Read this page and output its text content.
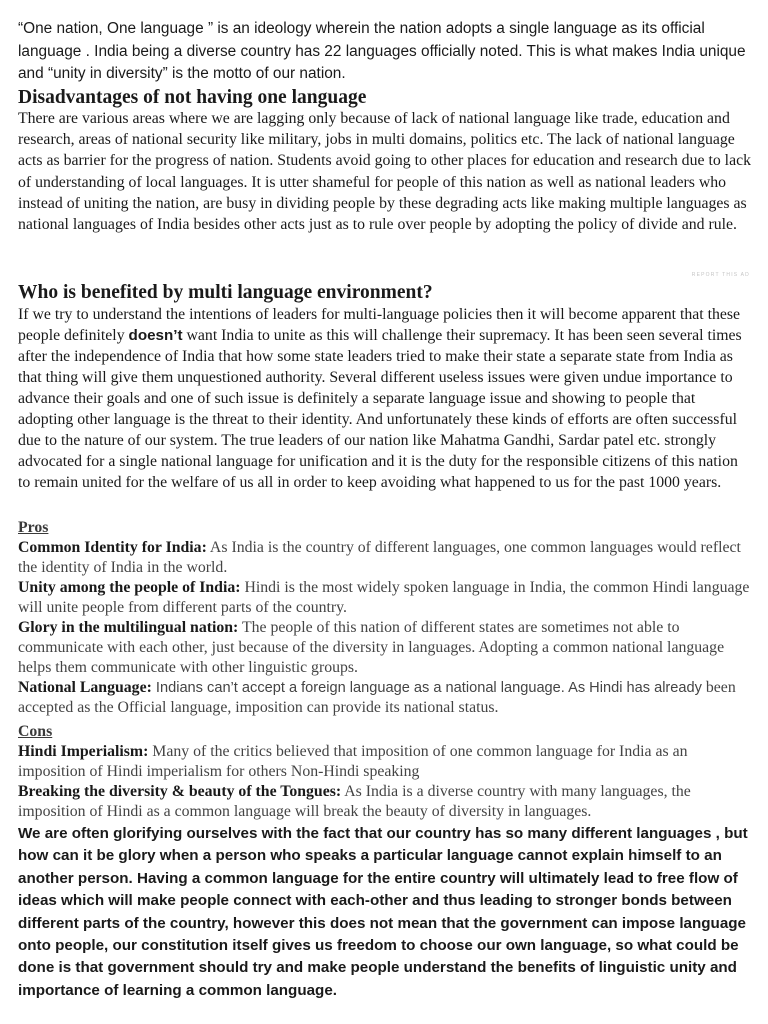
“One nation, One language ” is an ideology wherein the nation adopts a single language as its official language . India being a diverse country has 22 languages officially noted. This is what makes India unique and “unity in diversity” is the motto of our nation.

Disadvantages of not having one language

There are various areas where we are lagging only because of lack of national language like trade, education and research, areas of national security like military, jobs in multi domains, politics etc. The lack of national language acts as barrier for the progress of nation. Students avoid going to other places for education and research due to lack of understanding of local languages. It is utter shameful for people of this nation as well as national leaders who instead of uniting the nation, are busy in dividing people by these degrading acts like making multiple languages as national languages of India besides other acts just as to rule over people by adopting the policy of divide and rule.

REPORT THIS AD
Who is benefited by multi language environment?

If we try to understand the intentions of leaders for multi-language policies then it will become apparent that these people definitely doesn’t want India to unite as this will challenge their supremacy. It has been seen several times after the independence of India that how some state leaders tried to make their state a separate state from India as that thing will give them unquestioned authority. Several different useless issues were given undue importance to advance their goals and one of such issue is definitely a separate language issue and showing to people that adopting other language is the threat to their identity. And unfortunately these kinds of efforts are often successful due to the nature of our system. The true leaders of our nation like Mahatma Gandhi, Sardar patel etc. strongly advocated for a single national language for unification and it is the duty for the responsible citizens of this nation to remain united for the welfare of us all in order to keep avoiding what happened to us for the past 1000 years.

Pros

Common Identity for India: As India is the country of different languages, one common languages would reflect the identity of India in the world.

Unity among the people of India: Hindi is the most widely spoken language in India, the common Hindi language will unite people from different parts of the country.

Glory in the multilingual nation: The people of this nation of different states are sometimes not able to communicate with each other, just because of the diversity in languages. Adopting a common national language helps them communicate with other linguistic groups.

National Language: Indians can’t accept a foreign language as a national language. As Hindi has already been accepted as the Official language, imposition can provide its national status.

Cons

Hindi Imperialism: Many of the critics believed that imposition of one common language for India as an imposition of Hindi imperialism for others Non-Hindi speaking

Breaking the diversity & beauty of the Tongues: As India is a diverse country with many languages, the imposition of Hindi as a common language will break the beauty of diversity in languages.

We are often glorifying ourselves with the fact that our country has so many different languages , but how can it be glory when a person who speaks a particular language cannot explain himself to an another person. Having a common language for the entire country will ultimately lead to free flow of ideas which will make people connect with each-other and thus leading to stronger bonds between different parts of the country, however this does not mean that the government can impose language onto people, our constitution itself gives us freedom to choose our own language, so what could be done is that government should try and make people understand the benefits of linguistic unity and importance of learning a common language.
